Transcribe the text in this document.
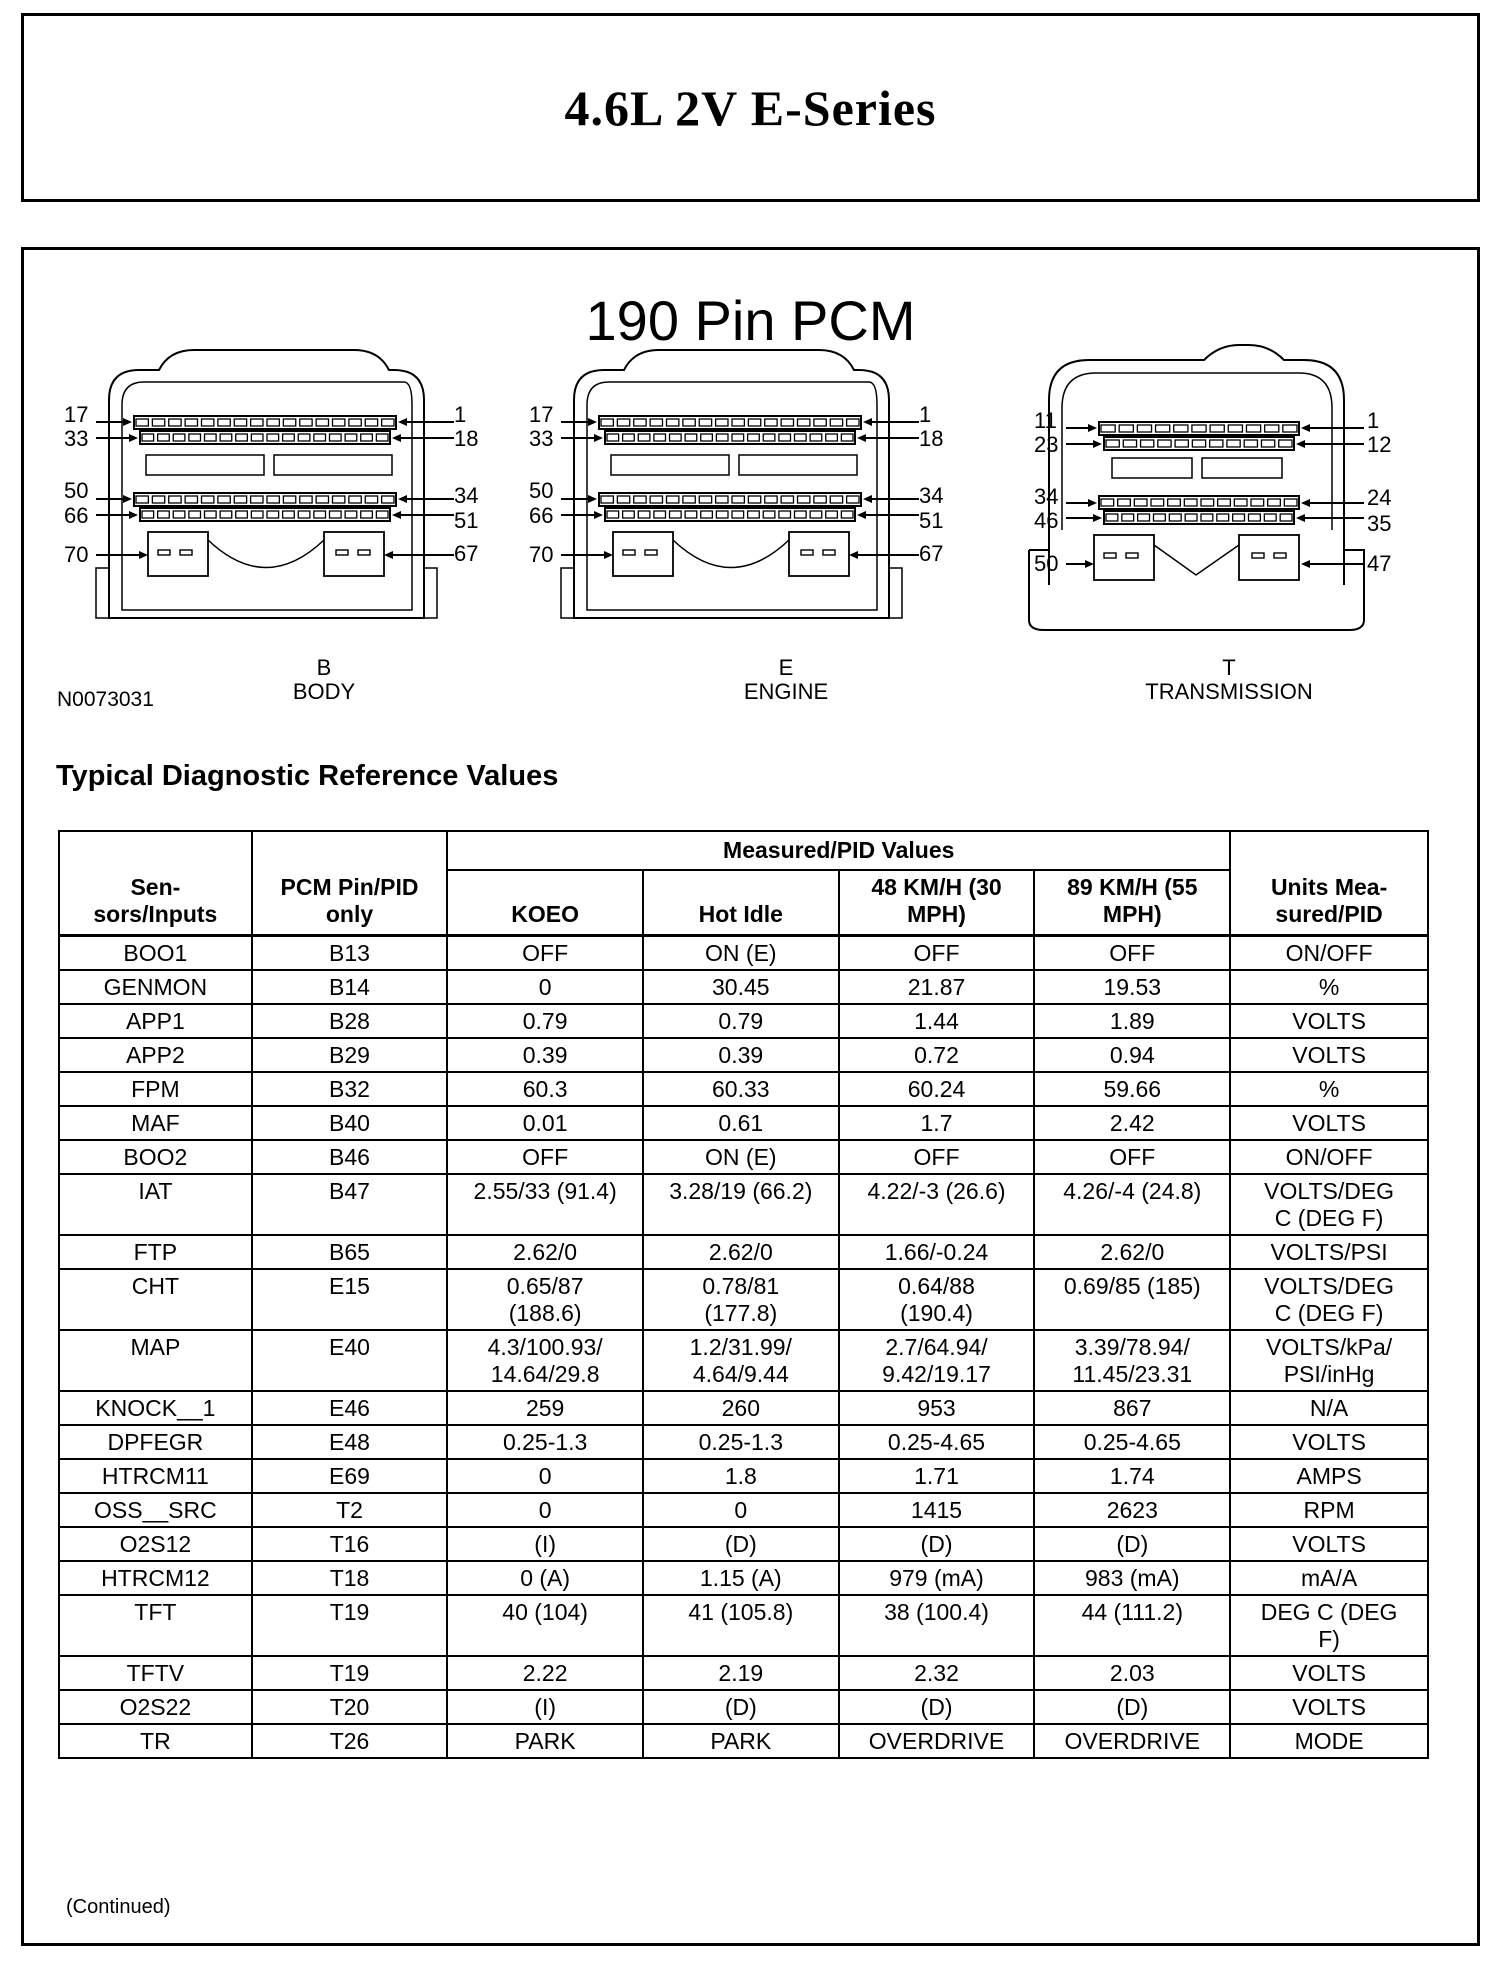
4.6L 2V E-Series
190 Pin PCM
17
33
50
66
70
1
18
34
51
67
17
33
50
66
70
1
18
34
51
67
11
23
34
46
50
1
12
24
35
47
B
BODY
E
ENGINE
T
TRANSMISSION
N0073031
Typical Diagnostic Reference Values
Sen-
sors/Inputs	PCM Pin/PID only	Measured/PID Values				Units Mea-
sured/PID
		KOEO	Hot Idle	48 KM/H (30 MPH)	89 KM/H (55 MPH)	
BOO1	B13	OFF	ON (E)	OFF	OFF	ON/OFF
GENMON	B14	0	30.45	21.87	19.53	%
APP1	B28	0.79	0.79	1.44	1.89	VOLTS
APP2	B29	0.39	0.39	0.72	0.94	VOLTS
FPM	B32	60.3	60.33	60.24	59.66	%
MAF	B40	0.01	0.61	1.7	2.42	VOLTS
BOO2	B46	OFF	ON (E)	OFF	OFF	ON/OFF
IAT	B47	2.55/33 (91.4)	3.28/19 (66.2)	4.22/-3 (26.6)	4.26/-4 (24.8)	VOLTS/DEG
C (DEG F)
FTP	B65	2.62/0	2.62/0	1.66/-0.24	2.62/0	VOLTS/PSI
CHT	E15	0.65/87
(188.6)	0.78/81
(177.8)	0.64/88
(190.4)	0.69/85 (185)	VOLTS/DEG
C (DEG F)
MAP	E40	4.3/100.93/
14.64/29.8	1.2/31.99/
4.64/9.44	2.7/64.94/
9.42/19.17	3.39/78.94/
11.45/23.31	VOLTS/kPa/
PSI/inHg
KNOCK__1	E46	259	260	953	867	N/A
DPFEGR	E48	0.25-1.3	0.25-1.3	0.25-4.65	0.25-4.65	VOLTS
HTRCM11	E69	0	1.8	1.71	1.74	AMPS
OSS__SRC	T2	0	0	1415	2623	RPM
O2S12	T16	(I)	(D)	(D)	(D)	VOLTS
HTRCM12	T18	0 (A)	1.15 (A)	979 (mA)	983 (mA)	mA/A
TFT	T19	40 (104)	41 (105.8)	38 (100.4)	44 (111.2)	DEG C (DEG
F)
TFTV	T19	2.22	2.19	2.32	2.03	VOLTS
O2S22	T20	(I)	(D)	(D)	(D)	VOLTS
TR	T26	PARK	PARK	OVERDRIVE	OVERDRIVE	MODE
(Continued)
